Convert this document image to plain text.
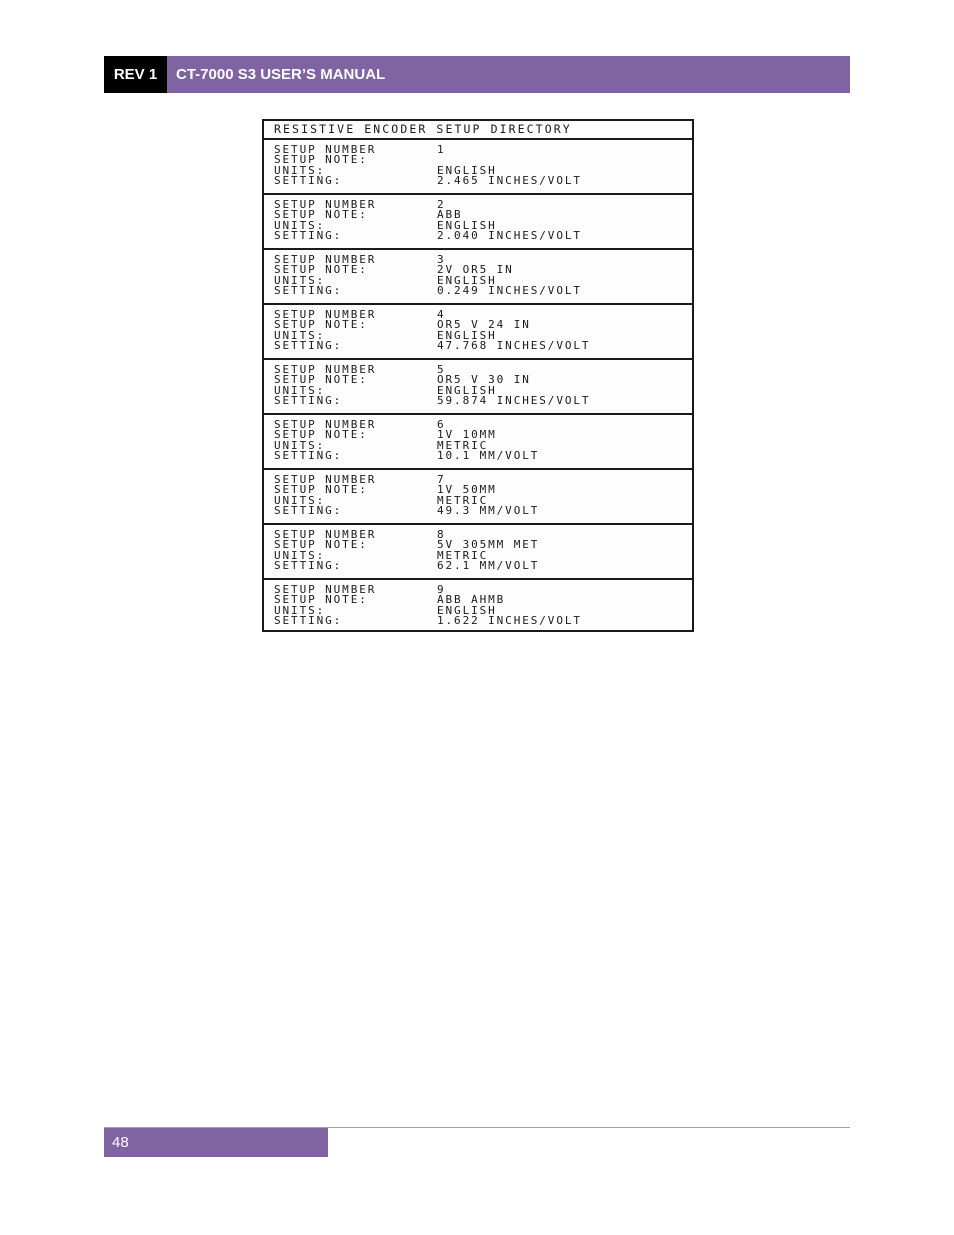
REV 1	CT-7000 S3 USER’S MANUAL
RESISTIVE ENCODER SETUP DIRECTORY
SETUP NUMBER	1
SETUP NOTE:
UNITS:	ENGLISH
SETTING:	2.465 INCHES/VOLT
SETUP NUMBER	2
SETUP NOTE:	ABB
UNITS:	ENGLISH
SETTING:	2.040 INCHES/VOLT
SETUP NUMBER	3
SETUP NOTE:	2V OR5 IN
UNITS:	ENGLISH
SETTING:	0.249 INCHES/VOLT
SETUP NUMBER	4
SETUP NOTE:	OR5 V 24 IN
UNITS:	ENGLISH
SETTING:	47.768 INCHES/VOLT
SETUP NUMBER	5
SETUP NOTE:	OR5 V 30 IN
UNITS:	ENGLISH
SETTING:	59.874 INCHES/VOLT
SETUP NUMBER	6
SETUP NOTE:	1V 10MM
UNITS:	METRIC
SETTING:	10.1 MM/VOLT
SETUP NUMBER	7
SETUP NOTE:	1V 50MM
UNITS:	METRIC
SETTING:	49.3 MM/VOLT
SETUP NUMBER	8
SETUP NOTE:	5V 305MM MET
UNITS:	METRIC
SETTING:	62.1 MM/VOLT
SETUP NUMBER	9
SETUP NOTE:	ABB AHMB
UNITS:	ENGLISH
SETTING:	1.622 INCHES/VOLT
48
